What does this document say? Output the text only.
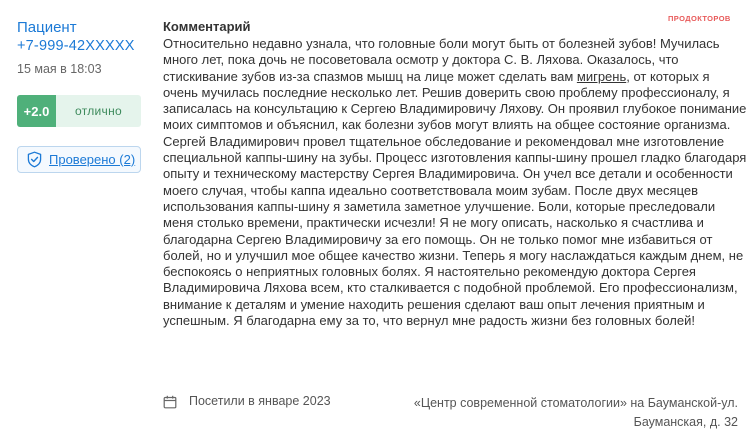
Пациент
+7-999-42XXXXX
15 мая в 18:03
+2.0	отлично
Проверено (2)
ПРОДОКТОРОВ
Комментарий

Относительно недавно узнала, что головные боли могут быть от болезней зубов! Мучилась много лет, пока дочь не посоветовала осмотр у доктора С. В. Ляхова. Оказалось, что стискивание зубов из-за спазмов мышц на лице может сделать вам мигрень, от которых я очень мучилась последние несколько лет. Решив доверить свою проблему профессионалу, я записалась на консультацию к Сергею Владимировичу Ляхову. Он проявил глубокое понимание моих симптомов и объяснил, как болезни зубов могут влиять на общее состояние организма. Сергей Владимирович провел тщательное обследование и рекомендовал мне изготовление специальной каппы-шину на зубы. Процесс изготовления каппы-шину прошел гладко благодаря опыту и техническому мастерству Сергея Владимировича. Он учел все детали и особенности моего случая, чтобы каппа идеально соответствовала моим зубам. После двух месяцев использования каппы-шину я заметила заметное улучшение. Боли, которые преследовали меня столько времени, практически исчезли! Я не могу описать, насколько я счастлива и благодарна Сергею Владимировичу за его помощь. Он не только помог мне избавиться от болей, но и улучшил мое общее качество жизни. Теперь я могу наслаждаться каждым днем, не беспокоясь о неприятных головных болях. Я настоятельно рекомендую доктора Сергея Владимировича Ляхова всем, кто сталкивается с подобной проблемой. Его профессионализм, внимание к деталям и умение находить решения сделают ваш опыт лечения приятным и успешным. Я благодарна ему за то, что вернул мне радость жизни без головных болей!

Посетили в январе 2023	«Центр современной стоматологии» на Бауманской-ул.
Бауманская, д. 32
